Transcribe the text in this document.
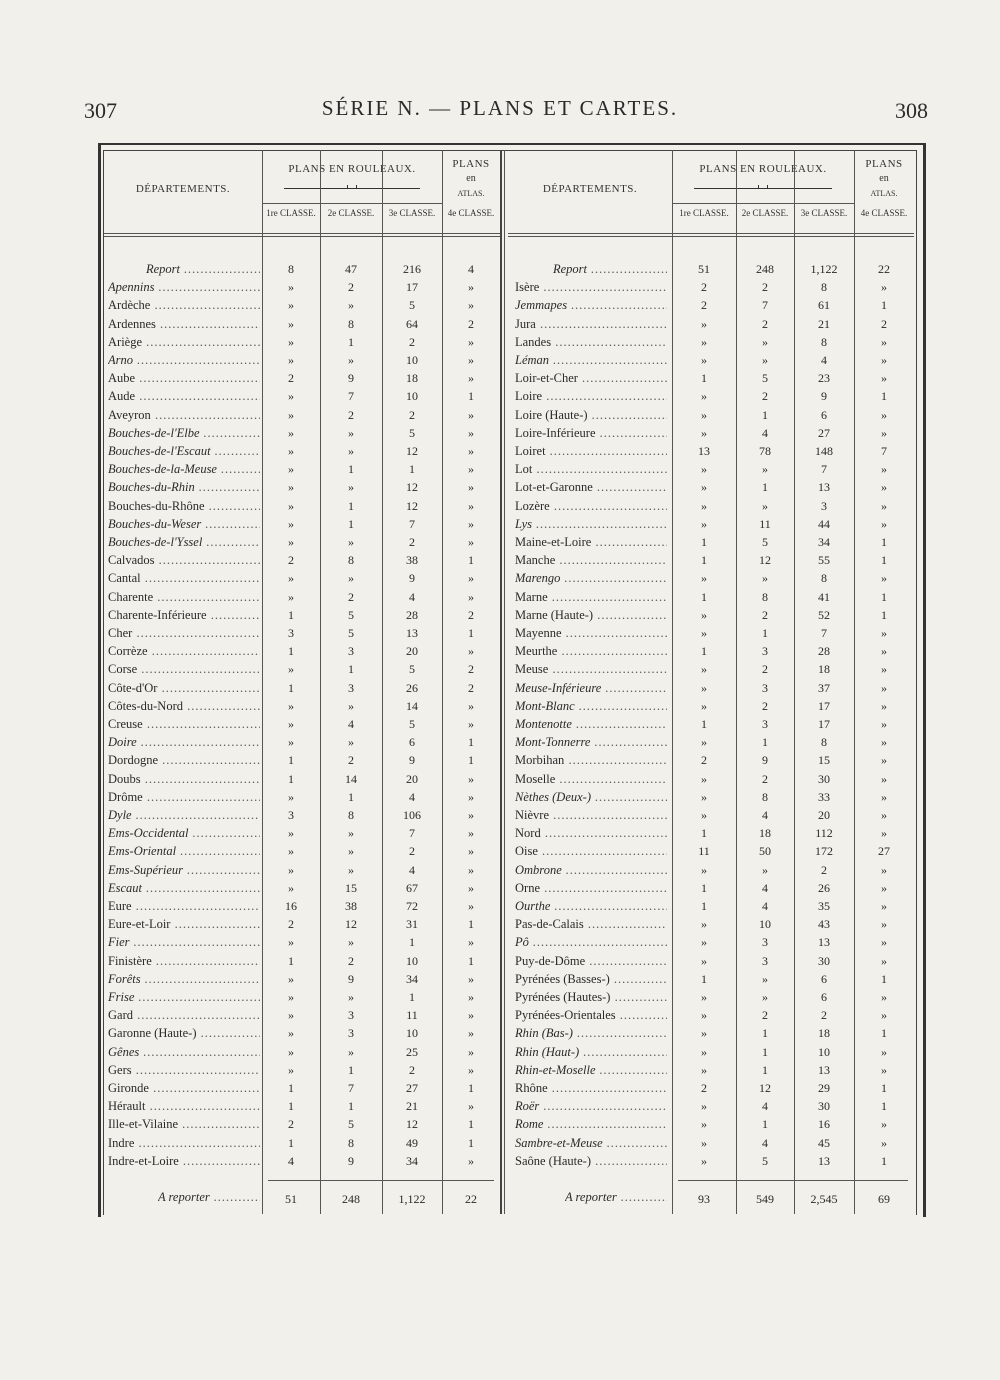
307	SÉRIE N. — PLANS ET CARTES.	308
DÉPARTEMENTS.
PLANS EN ROULEAUX.	PLANS
en
ATLAS.
1re CLASSE.	2e CLASSE.	3e CLASSE.	4e CLASSE.
Report .....	8	47	216	4
Apennins .....	»	2	17	»
Ardèche .....	»	»	5	»
Ardennes .....	»	8	64	2
Ariège .....	»	1	2	»
Arno .....	»	»	10	»
Aube .....	2	9	18	»
Aude .....	»	7	10	1
Aveyron .....	»	2	2	»
Bouches-de-l'Elbe .....	»	»	5	»
Bouches-de-l'Escaut .....	»	»	12	»
Bouches-de-la-Meuse .....	»	1	1	»
Bouches-du-Rhin .....	»	»	12	»
Bouches-du-Rhône .....	»	1	12	»
Bouches-du-Weser .....	»	1	7	»
Bouches-de-l'Yssel .....	»	»	2	»
Calvados .....	2	8	38	1
Cantal .....	»	»	9	»
Charente .....	»	2	4	»
Charente-Inférieure .....	1	5	28	2
Cher .....	3	5	13	1
Corrèze .....	1	3	20	»
Corse .....	»	1	5	2
Côte-d'Or .....	1	3	26	2
Côtes-du-Nord .....	»	»	14	»
Creuse .....	»	4	5	»
Doire .....	»	»	6	1
Dordogne .....	1	2	9	1
Doubs .....	1	14	20	»
Drôme .....	»	1	4	»
Dyle .....	3	8	106	»
Ems-Occidental .....	»	»	7	»
Ems-Oriental .....	»	»	2	»
Ems-Supérieur .....	»	»	4	»
Escaut .....	»	15	67	»
Eure .....	16	38	72	»
Eure-et-Loir .....	2	12	31	1
Fier .....	»	»	1	»
Finistère .....	1	2	10	1
Forêts .....	»	9	34	»
Frise .....	»	»	1	»
Gard .....	»	3	11	»
Garonne (Haute-) .....	»	3	10	»
Gênes .....	»	»	25	»
Gers .....	»	1	2	»
Gironde .....	1	7	27	1
Hérault .....	1	1	21	»
Ille-et-Vilaine .....	2	5	12	1
Indre .....	1	8	49	1
Indre-et-Loire .....	4	9	34	»
A reporter .....	51	248	1,122	22
DÉPARTEMENTS.
PLANS EN ROULEAUX.	PLANS
en
ATLAS.
1re CLASSE.	2e CLASSE.	3e CLASSE.	4e CLASSE.
Report .....	51	248	1,122	22
Isère .....	2	2	8	»
Jemmapes .....	2	7	61	1
Jura .....	»	2	21	2
Landes .....	»	»	8	»
Léman .....	»	»	4	»
Loir-et-Cher .....	1	5	23	»
Loire .....	»	2	9	1
Loire (Haute-) .....	»	1	6	»
Loire-Inférieure .....	»	4	27	»
Loiret .....	13	78	148	7
Lot .....	»	»	7	»
Lot-et-Garonne .....	»	1	13	»
Lozère .....	»	»	3	»
Lys .....	»	11	44	»
Maine-et-Loire .....	1	5	34	1
Manche .....	1	12	55	1
Marengo .....	»	»	8	»
Marne .....	1	8	41	1
Marne (Haute-) .....	»	2	52	1
Mayenne .....	»	1	7	»
Meurthe .....	1	3	28	»
Meuse .....	»	2	18	»
Meuse-Inférieure .....	»	3	37	»
Mont-Blanc .....	»	2	17	»
Montenotte .....	1	3	17	»
Mont-Tonnerre .....	»	1	8	»
Morbihan .....	2	9	15	»
Moselle .....	»	2	30	»
Nèthes (Deux-) .....	»	8	33	»
Nièvre .....	»	4	20	»
Nord .....	1	18	112	»
Oise .....	11	50	172	27
Ombrone .....	»	»	2	»
Orne .....	1	4	26	»
Ourthe .....	1	4	35	»
Pas-de-Calais .....	»	10	43	»
Pô .....	»	3	13	»
Puy-de-Dôme .....	»	3	30	»
Pyrénées (Basses-) .....	1	»	6	1
Pyrénées (Hautes-) .....	»	»	6	»
Pyrénées-Orientales .....	»	2	2	»
Rhin (Bas-) .....	»	1	18	1
Rhin (Haut-) .....	»	1	10	»
Rhin-et-Moselle .....	»	1	13	»
Rhône .....	2	12	29	1
Roër .....	»	4	30	1
Rome .....	»	1	16	»
Sambre-et-Meuse .....	»	4	45	»
Saône (Haute-) .....	»	5	13	1
A reporter .....	93	549	2,545	69
